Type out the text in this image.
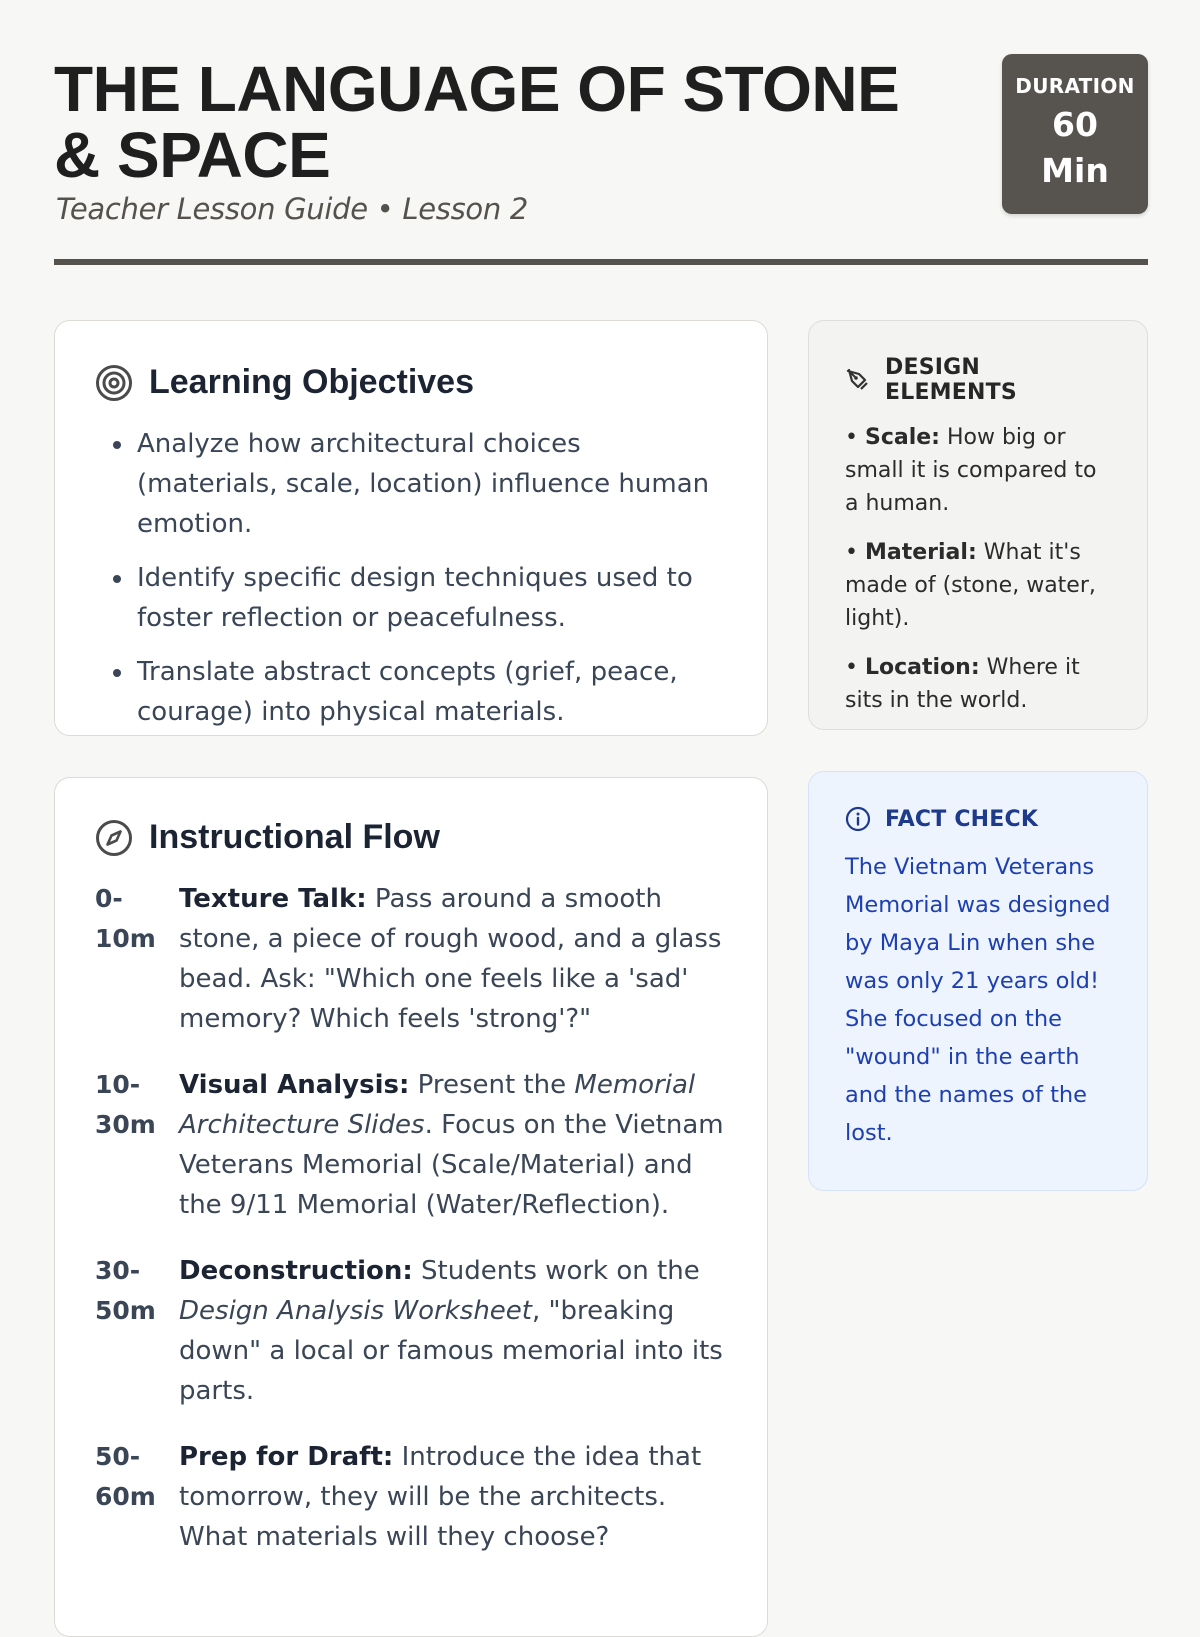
THE LANGUAGE OF STONE & SPACE

Teacher Lesson Guide • Lesson 2

DURATION
60
Min
Learning Objectives
• Analyze how architectural choices (materials, scale, location) influence human emotion.
• Identify specific design techniques used to foster reflection or peacefulness.
• Translate abstract concepts (grief, peace, courage) into physical materials.
Instructional Flow
0-
10m
Texture Talk: Pass around a smooth stone, a piece of rough wood, and a glass bead. Ask: "Which one feels like a 'sad' memory? Which feels 'strong'?"
10-
30m
Visual Analysis: Present the Memorial Architecture Slides. Focus on the Vietnam Veterans Memorial (Scale/Material) and the 9/11 Memorial (Water/Reflection).
30-
50m
Deconstruction: Students work on the Design Analysis Worksheet, "breaking down" a local or famous memorial into its parts.
50-
60m
Prep for Draft: Introduce the idea that tomorrow, they will be the architects. What materials will they choose?
DESIGN ELEMENTS

• Scale: How big or small it is compared to a human.

• Material: What it's made of (stone, water, light).

• Location: Where it sits in the world.

FACT CHECK

The Vietnam Veterans Memorial was designed by Maya Lin when she was only 21 years old! She focused on the "wound" in the earth and the names of the lost.
